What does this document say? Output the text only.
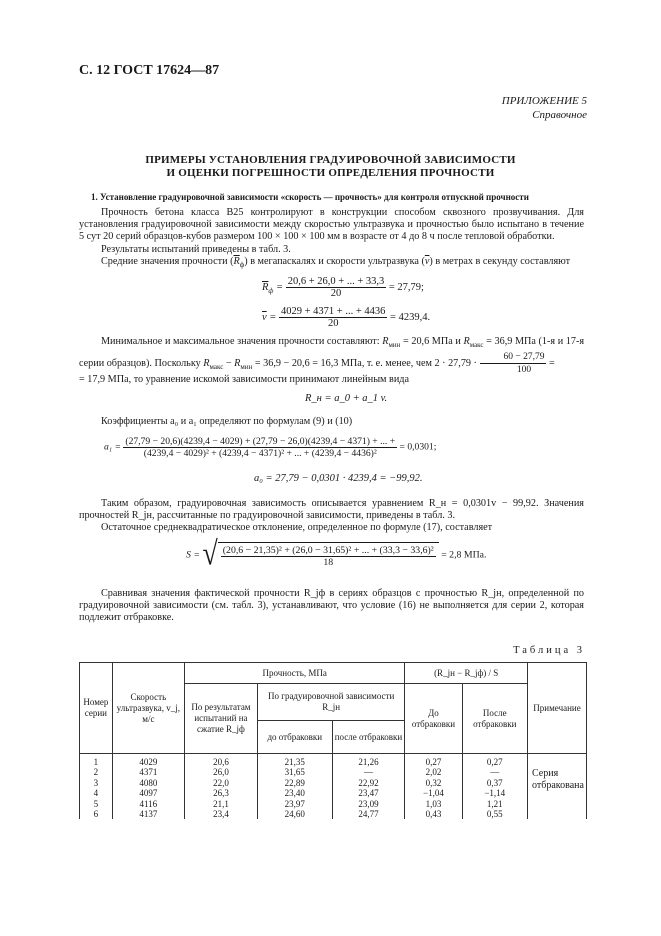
С. 12 ГОСТ 17624—87
ПРИЛОЖЕНИЕ 5
Справочное
ПРИМЕРЫ УСТАНОВЛЕНИЯ ГРАДУИРОВОЧНОЙ ЗАВИСИМОСТИ
И ОЦЕНКИ ПОГРЕШНОСТИ ОПРЕДЕЛЕНИЯ ПРОЧНОСТИ
1. Установление градуировочной зависимости «скорость — прочность» для контроля отпускной прочности

Прочность бетона класса В25 контролируют в конструкции способом сквозного прозвучивания. Для установления градуировочной зависимости между скоростью ультразвука и прочностью было испытано в течение 5 сут 20 серий образцов-кубов размером 100 × 100 × 100 мм в возрасте от 4 до 8 ч после тепловой обработки.

Результаты испытаний приведены в табл. 3.

Средние значения прочности $(\overline{R}_ф)$ в мегапаскалях и скорости ультразвука $(\overline{v})$ в метрах в секунду составляют

$\overline{R}_ф = \frac{20,6 + 26,0 + ... + 33,3}{20} = 27,79$;
$\overline{v} = \frac{4029 + 4371 + ... + 4436}{20} = 4239,4$.

Минимальное и максимальное значения прочности составляют: $R_{мин} = 20,6$ МПа и $R_{макс} = 36,9$ МПа (1-я и 17-я серии образцов). Поскольку $R_{макс} - R_{мин} = 36,9 - 20,6 = 16,3$ МПа, т. е. менее, чем $2 \cdot 27,79 \cdot \frac{60 - 27,79}{100}$ =

= 17,9 МПа, то уравнение искомой зависимости принимают линейным вида

R_н = a_0 + a_1 v.

Коэффициенты a₀ и a₁ определяют по формулам (9) и (10)

a₁ =
(27,79 − 20,6)(4239,4 − 4029) + (27,79 − 26,0)(4239,4 − 4371) + ... +
(4239,4 − 4029)² + (4239,4 − 4371)² + ... + (4239,4 − 4436)²
= 0,0301;
a₀ = 27,79 − 0,0301 · 4239,4 = −99,92.

Таким образом, градуировочная зависимость описывается уравнением R_н = 0,0301v − 99,92. Значения прочностей R_jн, рассчитанные по градуировочной зависимости, приведены в табл. 3.

Остаточное среднеквадратическое отклонение, определенное по формуле (17), составляет

S = √ $\frac{\text{(20,6 − 21,35)² + (26,0 − 31,65)² + ... + (33,3 − 33,6)²}}{18} = 2,8$ МПа.

Сравнивая значения фактической прочности R_jф в сериях образцов с прочностью R_jн, определенной по градуировочной зависимости (см. табл. 3), устанавливают, что условие (16) не выполняется для серии 2, которая подлежит отбраковке.

Таблица 3
Номер серии	Скорость ультразвука, v_j, м/с	Прочность, МПа			(R_jн − R_jф) / S		Примечание
		По результатам испытаний на сжатие R_jф	По градуировочной зависимости R_jн		До отбраковки	После отбраковки	
			до отбраковки	после отбраковки			
1	4029	20,6	21,35	21,26	0,27	0,27	Серия отбракована

2	4371	26,0	31,65	—	2,02	—	
3	4080	22,0	22,89	22,92	0,32	0,37	
4	4097	26,3	23,40	23,47	−1,04	−1,14	
5	4116	21,1	23,97	23,09	1,03	1,21	
6	4137	23,4	24,60	24,77	0,43	0,55	
